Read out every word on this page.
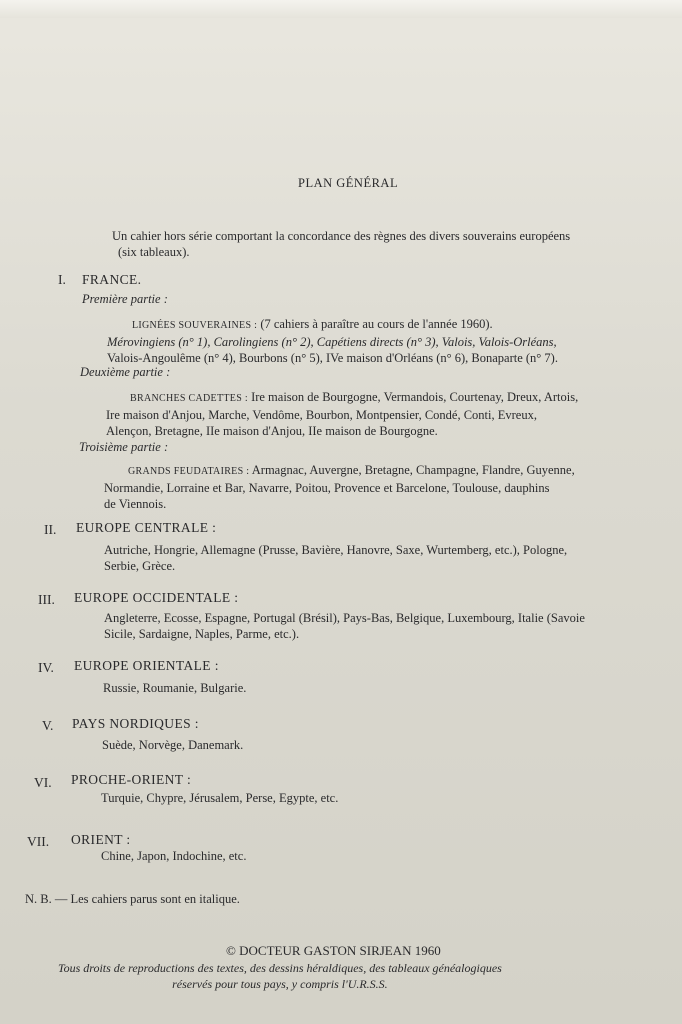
PLAN GÉNÉRAL
Un cahier hors série comportant la concordance des règnes des divers souverains européens
(six tableaux).
I. FRANCE.
Première partie :
LIGNÉES SOUVERAINES : (7 cahiers à paraître au cours de l'année 1960).
Mérovingiens (n° 1), Carolingiens (n° 2), Capétiens directs (n° 3), Valois, Valois-Orléans,
Valois-Angoulême (n° 4), Bourbons (n° 5), IVe maison d'Orléans (n° 6), Bonaparte (n° 7).
Deuxième partie :
BRANCHES CADETTES : Ire maison de Bourgogne, Vermandois, Courtenay, Dreux, Artois,
Ire maison d'Anjou, Marche, Vendôme, Bourbon, Montpensier, Condé, Conti, Evreux,
Alençon, Bretagne, IIe maison d'Anjou, IIe maison de Bourgogne.
Troisième partie :
GRANDS FEUDATAIRES : Armagnac, Auvergne, Bretagne, Champagne, Flandre, Guyenne,
Normandie, Lorraine et Bar, Navarre, Poitou, Provence et Barcelone, Toulouse, dauphins
de Viennois.
II. EUROPE CENTRALE :
Autriche, Hongrie, Allemagne (Prusse, Bavière, Hanovre, Saxe, Wurtemberg, etc.), Pologne,
Serbie, Grèce.
III. EUROPE OCCIDENTALE :
Angleterre, Ecosse, Espagne, Portugal (Brésil), Pays-Bas, Belgique, Luxembourg, Italie (Savoie
Sicile, Sardaigne, Naples, Parme, etc.).
IV. EUROPE ORIENTALE :
Russie, Roumanie, Bulgarie.
V. PAYS NORDIQUES :
Suède, Norvège, Danemark.
VI. PROCHE-ORIENT :
Turquie, Chypre, Jérusalem, Perse, Egypte, etc.
VII. ORIENT :
Chine, Japon, Indochine, etc.
N. B. — Les cahiers parus sont en italique.
© DOCTEUR GASTON SIRJEAN 1960
Tous droits de reproductions des textes, des dessins héraldiques, des tableaux généalogiques
réservés pour tous pays, y compris l'U.R.S.S.
